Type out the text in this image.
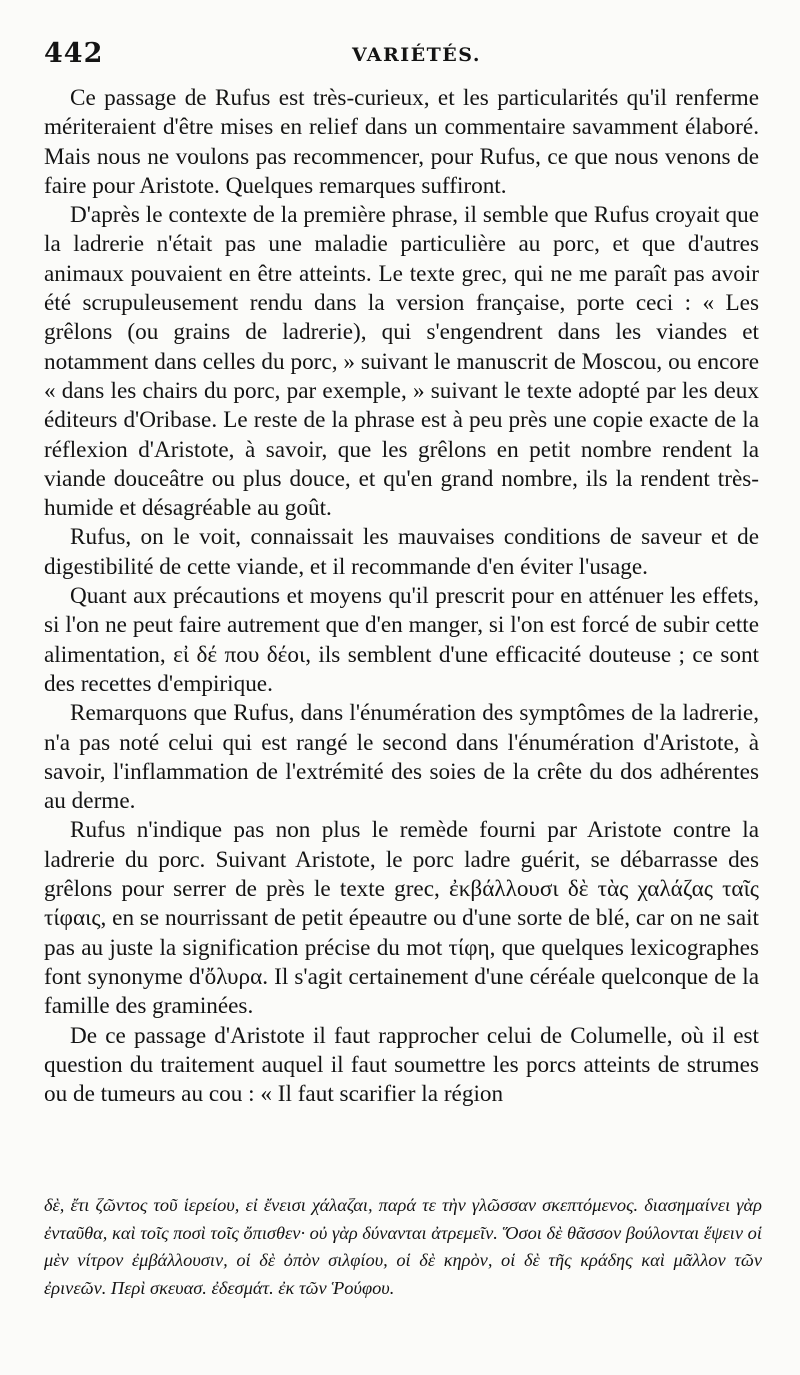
442	VARIÉTÉS.

Ce passage de Rufus est très-curieux, et les particularités qu'il renferme mériteraient d'être mises en relief dans un commentaire savamment élaboré. Mais nous ne voulons pas recommencer, pour Rufus, ce que nous venons de faire pour Aristote. Quelques remarques suffiront.

D'après le contexte de la première phrase, il semble que Rufus croyait que la ladrerie n'était pas une maladie particulière au porc, et que d'autres animaux pouvaient en être atteints. Le texte grec, qui ne me paraît pas avoir été scrupuleusement rendu dans la version française, porte ceci : « Les grêlons (ou grains de ladrerie), qui s'engendrent dans les viandes et notamment dans celles du porc, » suivant le manuscrit de Moscou, ou encore « dans les chairs du porc, par exemple, » suivant le texte adopté par les deux éditeurs d'Oribase. Le reste de la phrase est à peu près une copie exacte de la réflexion d'Aristote, à savoir, que les grêlons en petit nombre rendent la viande douceâtre ou plus douce, et qu'en grand nombre, ils la rendent très-humide et désagréable au goût.

Rufus, on le voit, connaissait les mauvaises conditions de saveur et de digestibilité de cette viande, et il recommande d'en éviter l'usage.

Quant aux précautions et moyens qu'il prescrit pour en atténuer les effets, si l'on ne peut faire autrement que d'en manger, si l'on est forcé de subir cette alimentation, εἰ δέ που δέοι, ils semblent d'une efficacité douteuse ; ce sont des recettes d'empirique.

Remarquons que Rufus, dans l'énumération des symptômes de la ladrerie, n'a pas noté celui qui est rangé le second dans l'énumération d'Aristote, à savoir, l'inflammation de l'extrémité des soies de la crête du dos adhérentes au derme.

Rufus n'indique pas non plus le remède fourni par Aristote contre la ladrerie du porc. Suivant Aristote, le porc ladre guérit, se débarrasse des grêlons pour serrer de près le texte grec, ἐκβάλλουσι δὲ τὰς χαλάζας ταῖς τίφαις, en se nourrissant de petit épeautre ou d'une sorte de blé, car on ne sait pas au juste la signification précise du mot τίφη, que quelques lexicographes font synonyme d'ὄλυρα. Il s'agit certainement d'une céréale quelconque de la famille des graminées.

De ce passage d'Aristote il faut rapprocher celui de Columelle, où il est question du traitement auquel il faut soumettre les porcs atteints de strumes ou de tumeurs au cou : « Il faut scarifier la région

δὲ, ἔτι ζῶντος τοῦ ἱερείου, εἰ ἔνεισι χάλαζαι, παρά τε τὴν γλῶσσαν σκεπτόμενος. διασημαίνει γὰρ ἐνταῦθα, καὶ τοῖς ποσὶ τοῖς ὄπισθεν· οὐ γὰρ δύνανται ἀτρεμεῖν. Ὅσοι δὲ θᾶσσον βούλονται ἕψειν οἱ μὲν νίτρον ἐμβάλλουσιν, οἱ δὲ ὀπὸν σιλφίου, οἱ δὲ κηρὸν, οἱ δὲ τῆς κράδης καὶ μᾶλλον τῶν ἐρινεῶν. Περὶ σκευασ. ἐδεσμάτ. ἐκ τῶν Ῥούφου.
